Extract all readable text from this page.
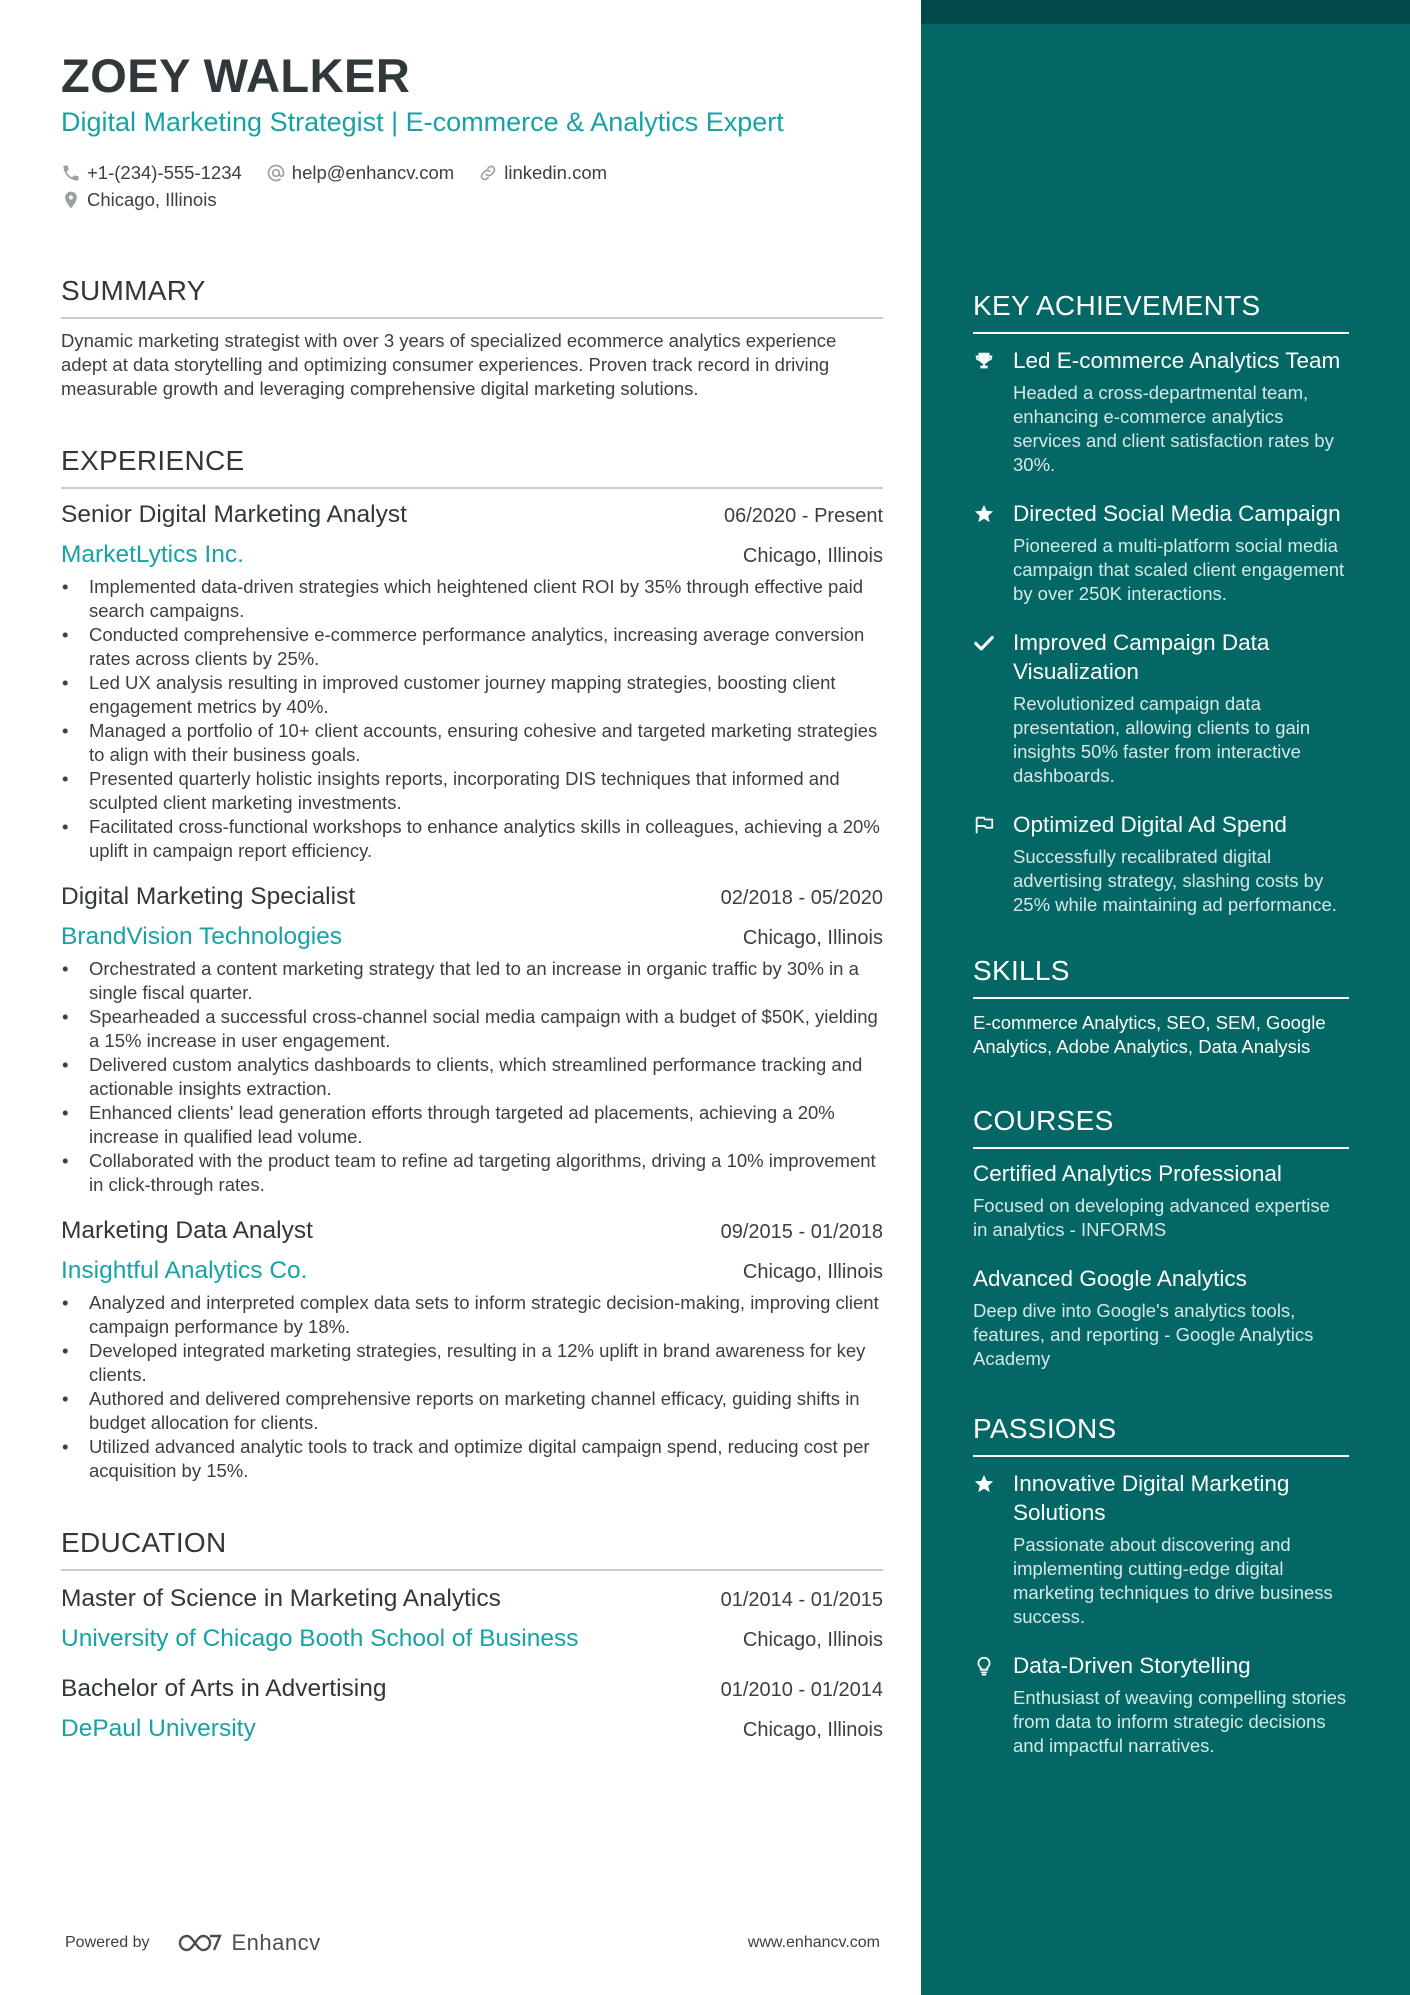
ZOEY WALKER
Digital Marketing Strategist | E-commerce & Analytics Expert
+1-(234)-555-1234	help@enhancv.com	linkedin.com
Chicago, Illinois
SUMMARY
Dynamic marketing strategist with over 3 years of specialized ecommerce analytics experience adept at data storytelling and optimizing consumer experiences. Proven track record in driving measurable growth and leveraging comprehensive digital marketing solutions.
EXPERIENCE
Senior Digital Marketing Analyst	06/2020 - Present
MarketLytics Inc.	Chicago, Illinois
• Implemented data-driven strategies which heightened client ROI by 35% through effective paid search campaigns.
• Conducted comprehensive e-commerce performance analytics, increasing average conversion rates across clients by 25%.
• Led UX analysis resulting in improved customer journey mapping strategies, boosting client engagement metrics by 40%.
• Managed a portfolio of 10+ client accounts, ensuring cohesive and targeted marketing strategies to align with their business goals.
• Presented quarterly holistic insights reports, incorporating DIS techniques that informed and sculpted client marketing investments.
• Facilitated cross-functional workshops to enhance analytics skills in colleagues, achieving a 20% uplift in campaign report efficiency.
Digital Marketing Specialist	02/2018 - 05/2020
BrandVision Technologies	Chicago, Illinois
• Orchestrated a content marketing strategy that led to an increase in organic traffic by 30% in a single fiscal quarter.
• Spearheaded a successful cross-channel social media campaign with a budget of $50K, yielding a 15% increase in user engagement.
• Delivered custom analytics dashboards to clients, which streamlined performance tracking and actionable insights extraction.
• Enhanced clients' lead generation efforts through targeted ad placements, achieving a 20% increase in qualified lead volume.
• Collaborated with the product team to refine ad targeting algorithms, driving a 10% improvement in click-through rates.
Marketing Data Analyst	09/2015 - 01/2018
Insightful Analytics Co.	Chicago, Illinois
• Analyzed and interpreted complex data sets to inform strategic decision-making, improving client campaign performance by 18%.
• Developed integrated marketing strategies, resulting in a 12% uplift in brand awareness for key clients.
• Authored and delivered comprehensive reports on marketing channel efficacy, guiding shifts in budget allocation for clients.
• Utilized advanced analytic tools to track and optimize digital campaign spend, reducing cost per acquisition by 15%.
EDUCATION
Master of Science in Marketing Analytics	01/2014 - 01/2015
University of Chicago Booth School of Business	Chicago, Illinois
Bachelor of Arts in Advertising	01/2010 - 01/2014
DePaul University	Chicago, Illinois
Powered by	Enhancv	www.enhancv.com
KEY ACHIEVEMENTS
Led E-commerce Analytics Team
Headed a cross-departmental team, enhancing e-commerce analytics services and client satisfaction rates by 30%.
Directed Social Media Campaign
Pioneered a multi-platform social media campaign that scaled client engagement by over 250K interactions.
Improved Campaign Data Visualization
Revolutionized campaign data presentation, allowing clients to gain insights 50% faster from interactive dashboards.
Optimized Digital Ad Spend
Successfully recalibrated digital advertising strategy, slashing costs by 25% while maintaining ad performance.
SKILLS
E-commerce Analytics, SEO, SEM, Google Analytics, Adobe Analytics, Data Analysis
COURSES
Certified Analytics Professional
Focused on developing advanced expertise in analytics - INFORMS
Advanced Google Analytics
Deep dive into Google's analytics tools, features, and reporting - Google Analytics Academy
PASSIONS
Innovative Digital Marketing Solutions
Passionate about discovering and implementing cutting-edge digital marketing techniques to drive business success.
Data-Driven Storytelling
Enthusiast of weaving compelling stories from data to inform strategic decisions and impactful narratives.
